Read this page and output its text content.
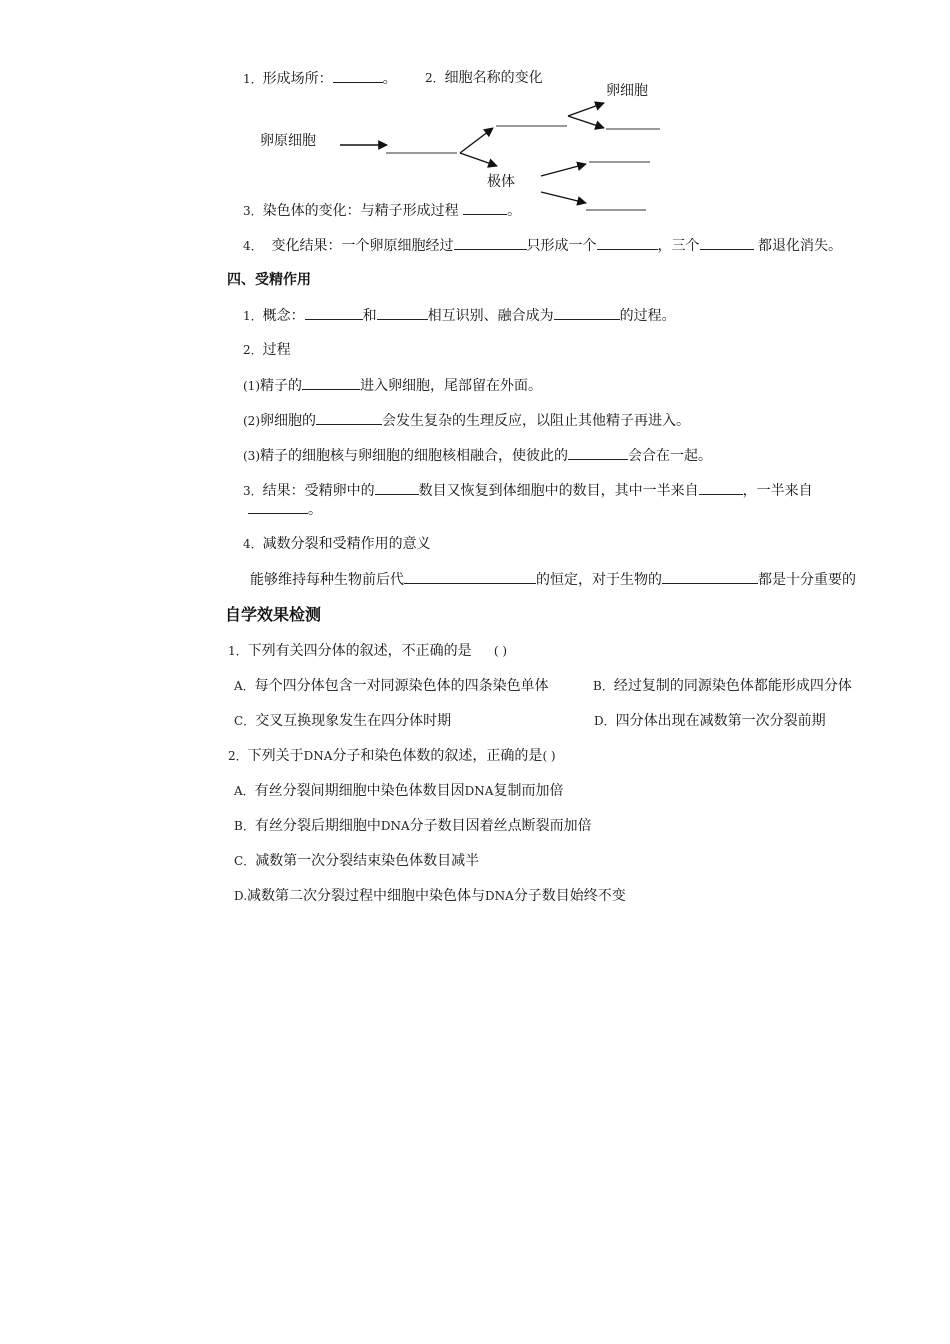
1．形成场所：	。 2．细胞名称的变化
卵原细胞
卵细胞
极体
3．染色体的变化：与精子形成过程	。
4． 变化结果：一个卵原细胞经过	只形成一个	，三个	都退化消失。
四、受精作用
1．概念：	和	相互识别、融合成为	的过程。
2．过程
(1)精子的	进入卵细胞，尾部留在外面。
(2)卵细胞的	会发生复杂的生理反应，以阻止其他精子再进入。
(3)精子的细胞核与卵细胞的细胞核相融合，使彼此的	会合在一起。
3．结果：受精卵中的	数目又恢复到体细胞中的数目，其中一半来自	，一半来自
。
4．减数分裂和受精作用的意义
能够维持每种生物前后代	的恒定，对于生物的	都是十分重要的
自学效果检测
1．下列有关四分体的叙述，不正确的是 ( )
A．每个四分体包含一对同源染色体的四条染色单体	B．经过复制的同源染色体都能形成四分体
C．交叉互换现象发生在四分体时期	D．四分体出现在减数第一次分裂前期
2．下列关于DNA分子和染色体数的叙述，正确的是( )
A．有丝分裂间期细胞中染色体数目因DNA复制而加倍
B．有丝分裂后期细胞中DNA分子数目因着丝点断裂而加倍
C．减数第一次分裂结束染色体数目减半
D.减数第二次分裂过程中细胞中染色体与DNA分子数目始终不变
